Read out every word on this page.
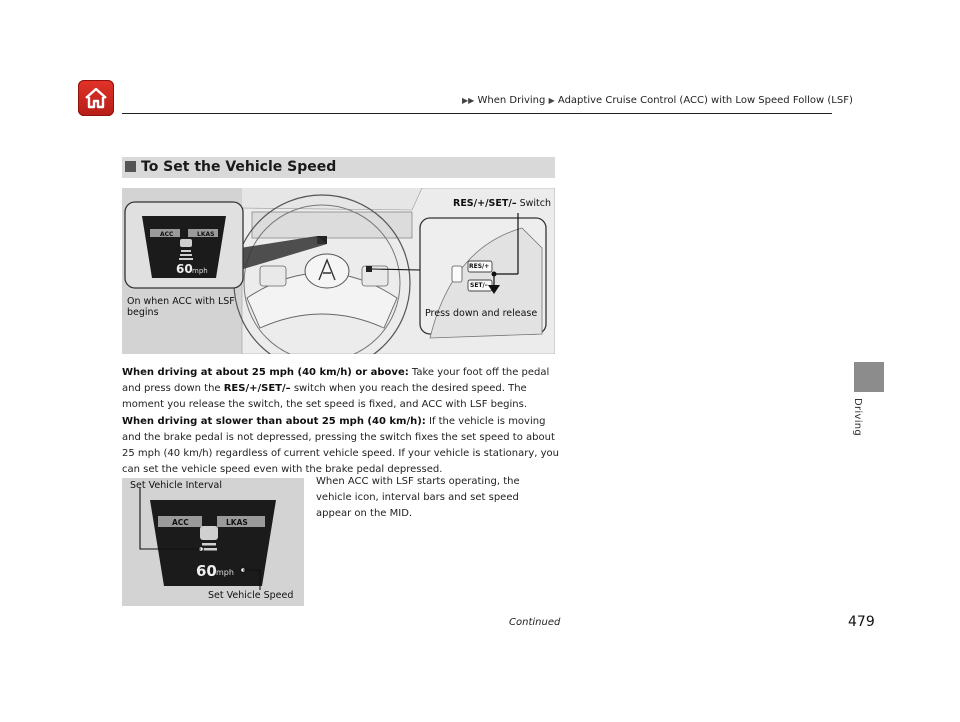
▶▶ When Driving ▶ Adaptive Cruise Control (ACC) with Low Speed Follow (LSF)
Driving
To Set the Vehicle Speed
ACC	LKAS
60 mph
RES/+
SET/–
RES/+/SET/– Switch
On when ACC with LSF
begins	Press down and release
When driving at about 25 mph (40 km/h) or above: Take your foot off the pedal and press down the RES/+/SET/– switch when you reach the desired speed. The moment you release the switch, the set speed is fixed, and ACC with LSF begins.
When driving at slower than about 25 mph (40 km/h): If the vehicle is moving and the brake pedal is not depressed, pressing the switch fixes the set speed to about 25 mph (40 km/h) regardless of current vehicle speed. If your vehicle is stationary, you can set the vehicle speed even with the brake pedal depressed.
ACC	LKAS
60 mph
Set Vehicle Interval
Set Vehicle Speed
When ACC with LSF starts operating, the vehicle icon, interval bars and set speed appear on the MID.
Continued	479
